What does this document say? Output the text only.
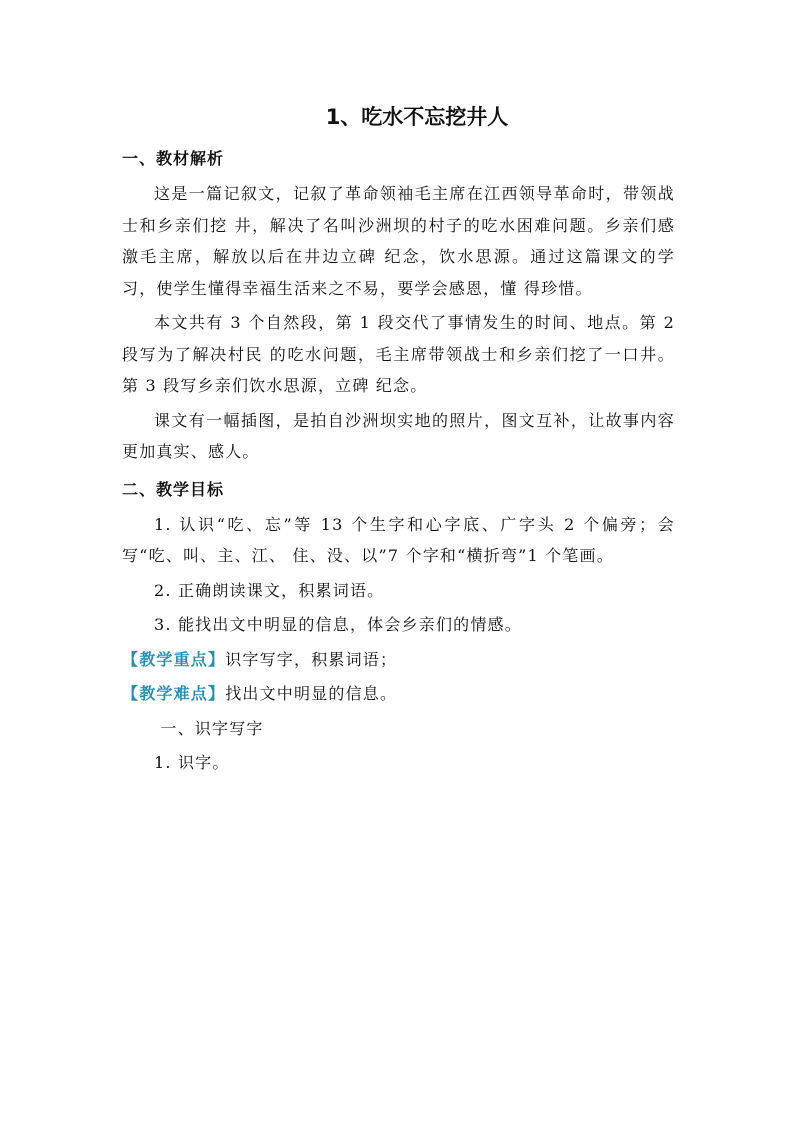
1、吃水不忘挖井人

一、教材解析

这是一篇记叙文，记叙了革命领袖毛主席在江西领导革命时，带领战士和乡亲们挖 井，解决了名叫沙洲坝的村子的吃水困难问题。乡亲们感激毛主席，解放以后在井边立碑 纪念，饮水思源。通过这篇课文的学习，使学生懂得幸福生活来之不易，要学会感恩，懂 得珍惜。

本文共有 3 个自然段，第 1 段交代了事情发生的时间、地点。第 2 段写为了解决村民 的吃水问题，毛主席带领战士和乡亲们挖了一口井。第 3 段写乡亲们饮水思源，立碑 纪念。

课文有一幅插图，是拍自沙洲坝实地的照片，图文互补，让故事内容更加真实、感人。

二、教学目标

1. 认识“吃、忘”等 13 个生字和心字底、广字头 2 个偏旁；会写“吃、叫、主、江、 住、没、以”7 个字和“横折弯”1 个笔画。

2. 正确朗读课文，积累词语。

3. 能找出文中明显的信息，体会乡亲们的情感。

【教学重点】识字写字，积累词语；

【教学难点】找出文中明显的信息。

一、识字写字

1. 识字。
